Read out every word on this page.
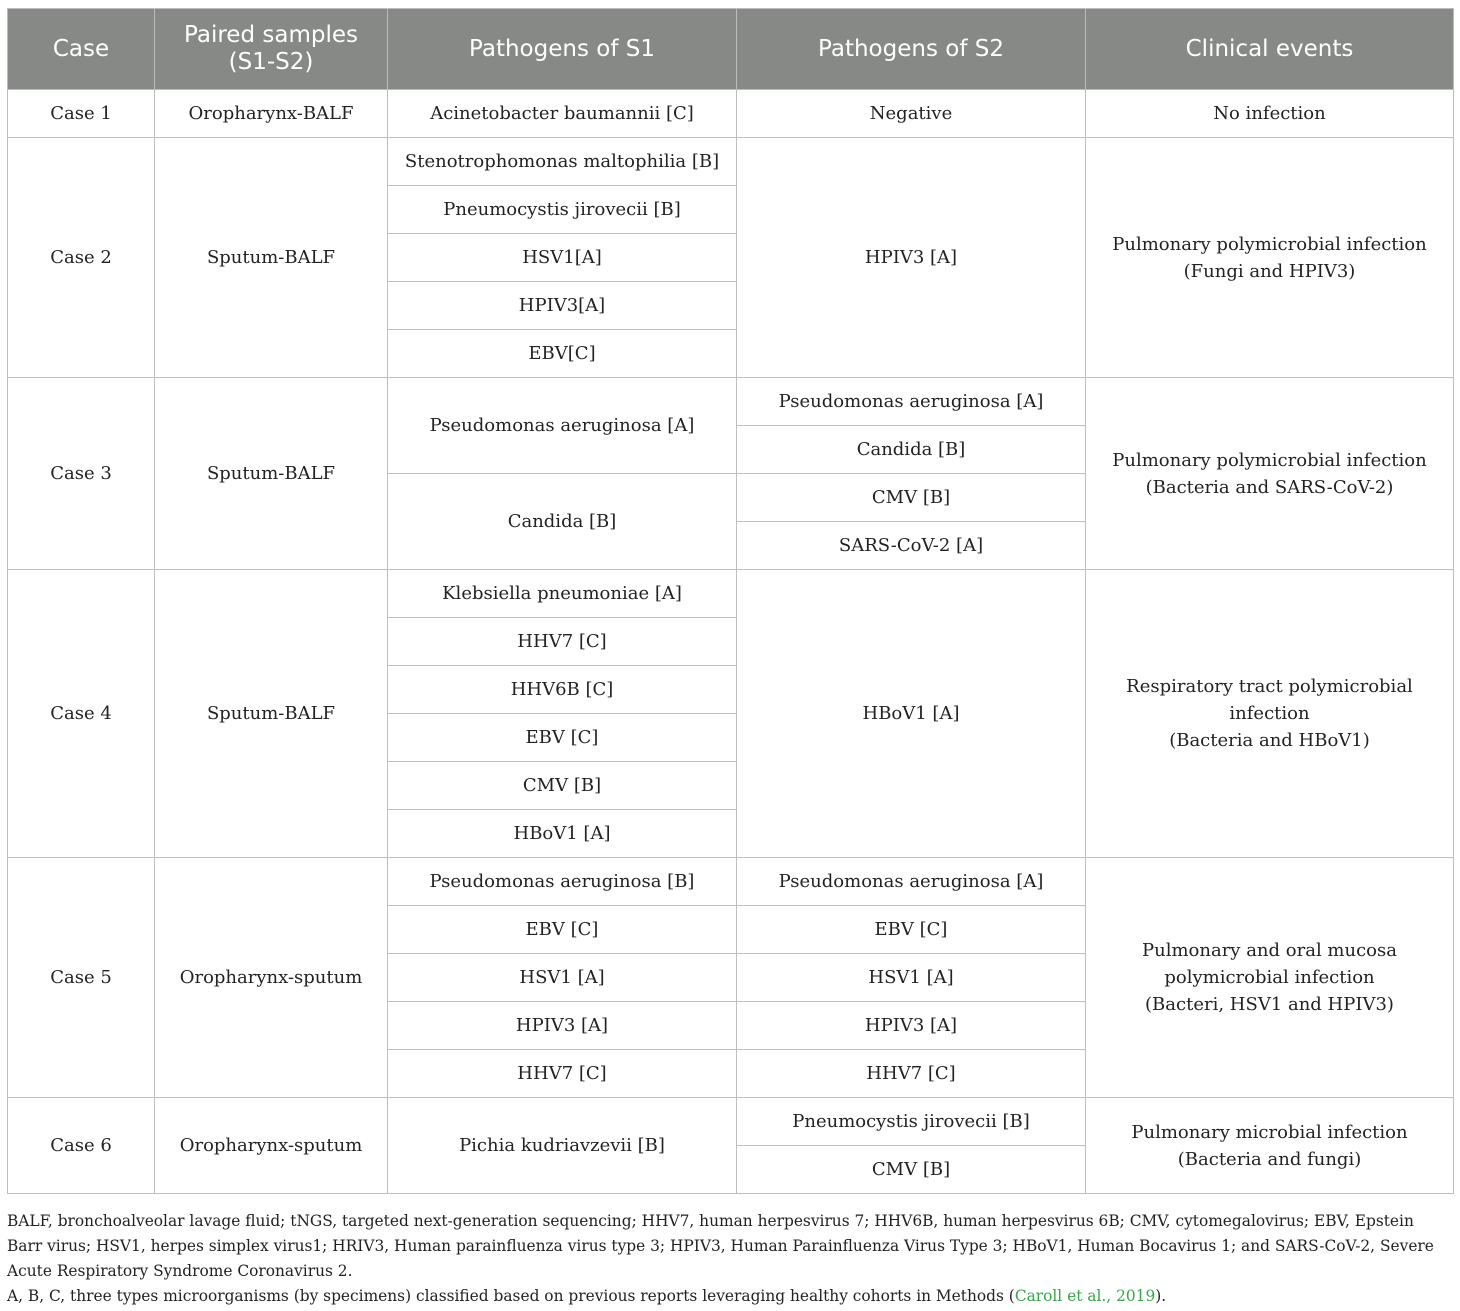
Case	Paired samples (S1-S2)	Pathogens of S1	Pathogens of S2	Clinical events
Case 1	Oropharynx-BALF	Acinetobacter baumannii [C]	Negative	No infection

Case 2	Sputum-BALF	Stenotrophomonas maltophilia [B]	HPIV3 [A]	Pulmonary polymicrobial infection
(Fungi and HPIV3)

		Pneumocystis jirovecii [B]		
		HSV1[A]		
		HPIV3[A]		
		EBV[C]		
Case 3	Sputum-BALF	Pseudomonas aeruginosa [A]	Pseudomonas aeruginosa [A]	Pulmonary polymicrobial infection
(Bacteria and SARS-CoV-2)

			Candida [B]	
		Candida [B]	CMV [B]	
			SARS-CoV-2 [A]	
Case 4	Sputum-BALF	Klebsiella pneumoniae [A]	HBoV1 [A]	Respiratory tract polymicrobial infection
(Bacteria and HBoV1)

		HHV7 [C]		
		HHV6B [C]		
		EBV [C]		
		CMV [B]		
		HBoV1 [A]		
Case 5	Oropharynx-sputum	Pseudomonas aeruginosa [B]	Pseudomonas aeruginosa [A]	Pulmonary and oral mucosa
polymicrobial infection
(Bacteri, HSV1 and HPIV3)

		EBV [C]	EBV [C]	
		HSV1 [A]	HSV1 [A]	
		HPIV3 [A]	HPIV3 [A]	
		HHV7 [C]	HHV7 [C]	
Case 6	Oropharynx-sputum	Pichia kudriavzevii [B]	Pneumocystis jirovecii [B]	Pulmonary microbial infection
(Bacteria and fungi)

			CMV [B]	

BALF, bronchoalveolar lavage fluid; tNGS, targeted next-generation sequencing; HHV7, human herpesvirus 7; HHV6B, human herpesvirus 6B; CMV, cytomegalovirus; EBV, Epstein Barr virus; HSV1, herpes simplex virus1; HRIV3, Human parainfluenza virus type 3; HPIV3, Human Parainfluenza Virus Type 3; HBoV1, Human Bocavirus 1; and SARS-CoV-2, Severe Acute Respiratory Syndrome Coronavirus 2.

A, B, C, three types microorganisms (by specimens) classified based on previous reports leveraging healthy cohorts in Methods (Caroll et al., 2019).
